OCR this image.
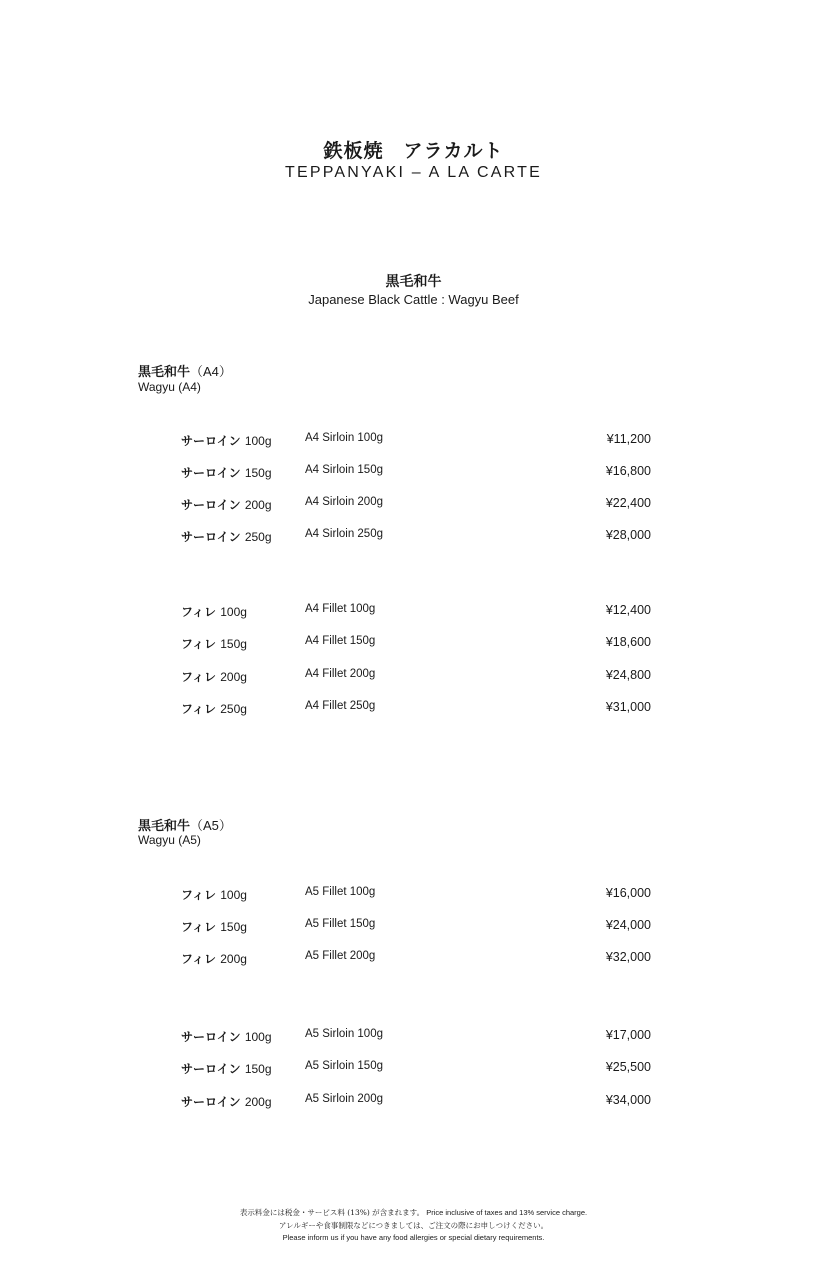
鉄板焼　アラカルト
TEPPANYAKI – A LA CARTE
黒毛和牛
Japanese Black Cattle : Wagyu Beef
黒毛和牛（A4）
Wagyu (A4)
黒毛和牛（A5）
Wagyu (A5)
サーロイン 100g	A4 Sirloin 100g	¥11,200
サーロイン 150g	A4 Sirloin 150g	¥16,800
サーロイン 200g	A4 Sirloin 200g	¥22,400
サーロイン 250g	A4 Sirloin 250g	¥28,000
フィレ 100g	A4 Fillet 100g	¥12,400
フィレ 150g	A4 Fillet 150g	¥18,600
フィレ 200g	A4 Fillet 200g	¥24,800
フィレ 250g	A4 Fillet 250g	¥31,000
フィレ 100g	A5 Fillet 100g	¥16,000
フィレ 150g	A5 Fillet 150g	¥24,000
フィレ 200g	A5 Fillet 200g	¥32,000
サーロイン 100g	A5 Sirloin 100g	¥17,000
サーロイン 150g	A5 Sirloin 150g	¥25,500
サーロイン 200g	A5 Sirloin 200g	¥34,000
表示料金には税金・サービス料 (13%) が含まれます。 Price inclusive of taxes and 13% service charge.
アレルギーや食事制限などにつきましては、ご注文の際にお申しつけください。
Please inform us if you have any food allergies or special dietary requirements.
